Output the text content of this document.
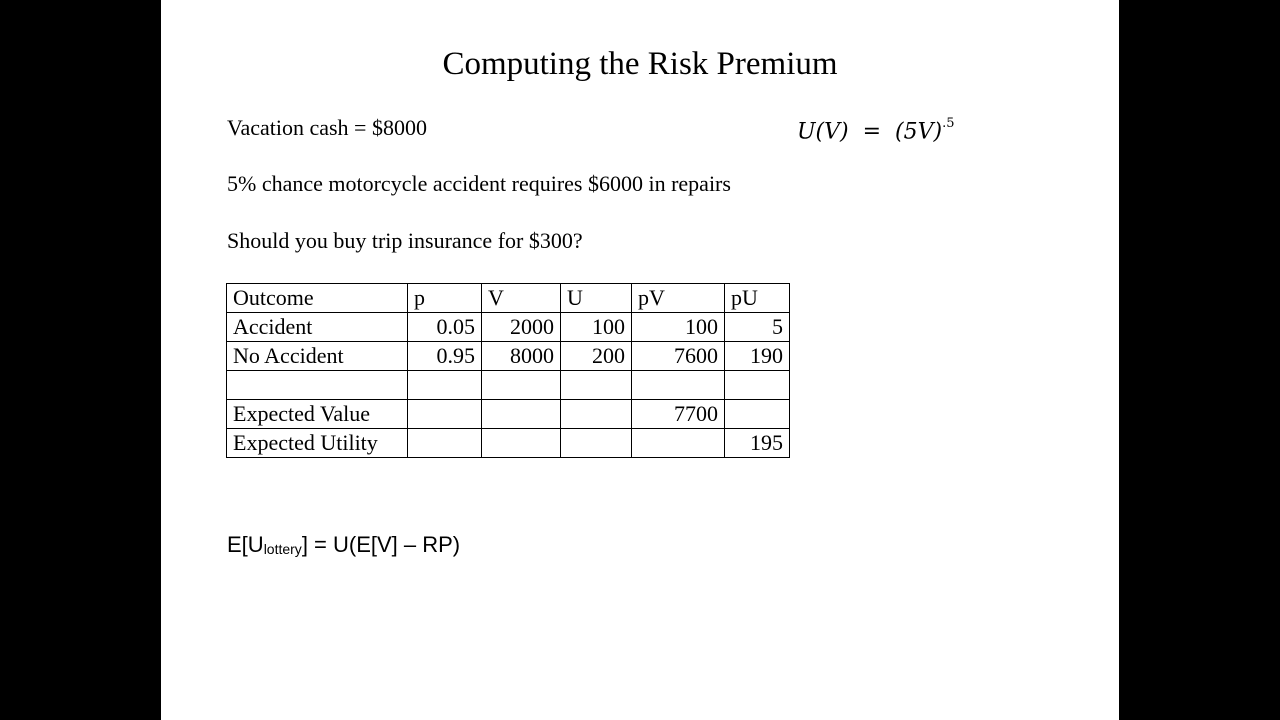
Computing the Risk Premium
Vacation cash = $8000
5% chance motorcycle accident requires $6000 in repairs
Should you buy trip insurance for $300?
$U(V) = (5V)^{.5}$
Outcome	p	V	U	pV	pU
Accident	0.05	2000	100	100	5
No Accident	0.95	8000	200	7600	190

Expected Value				7700	
Expected Utility					195
$E[U_{lottery}] = U(E[V] - RP)$
